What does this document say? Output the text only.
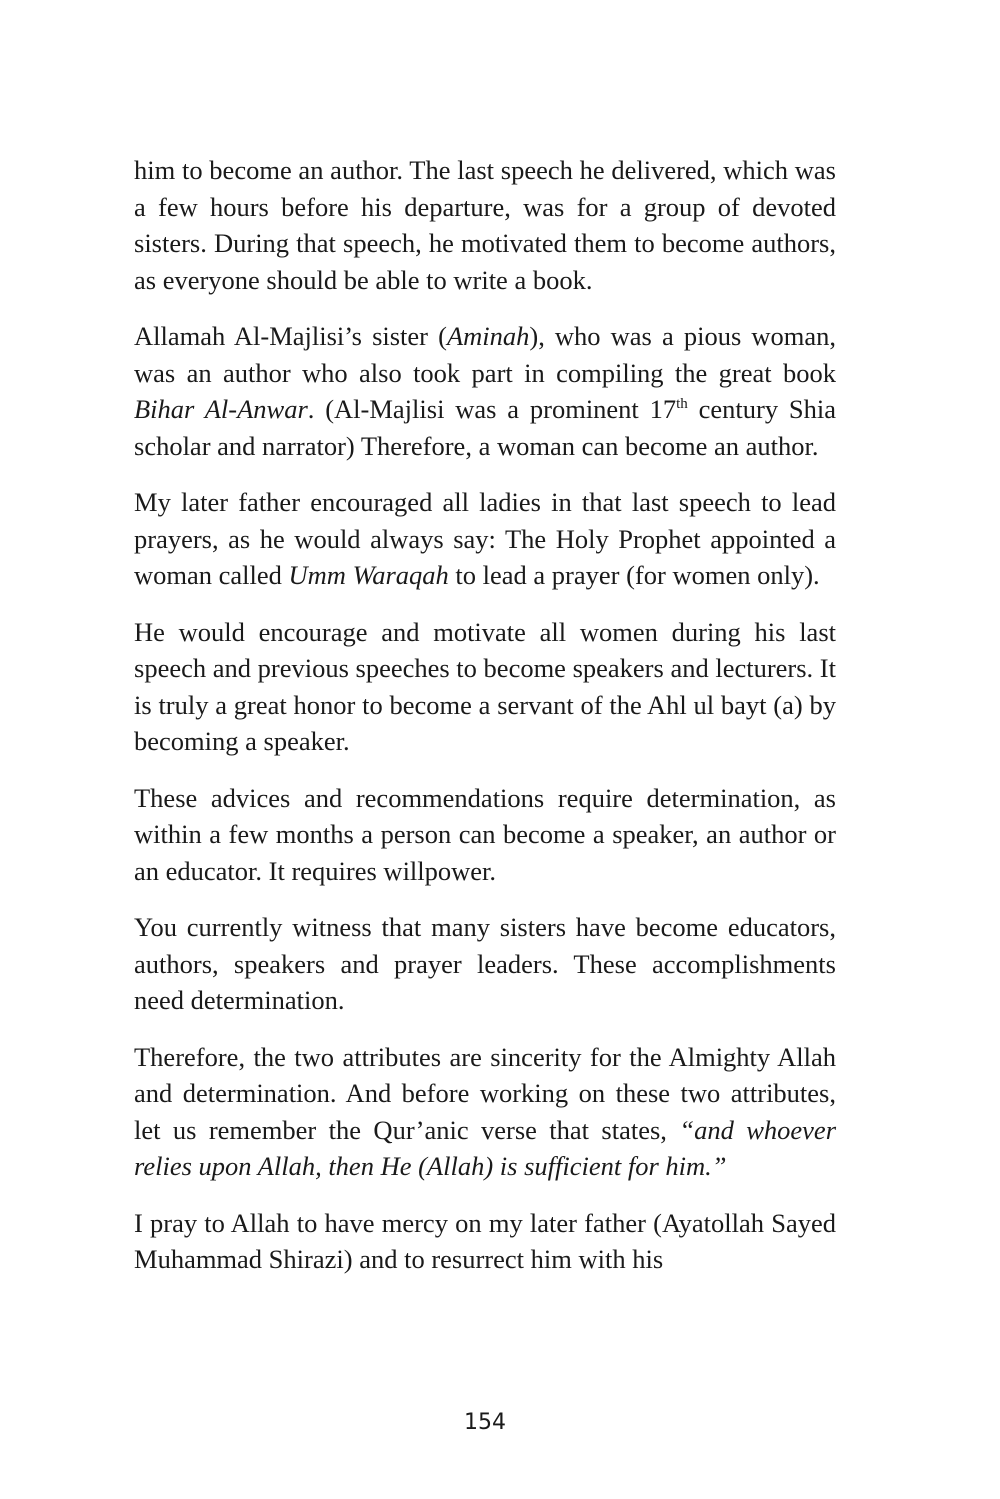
him to become an author. The last speech he delivered, which was a few hours before his departure, was for a group of devoted sisters. During that speech, he motivated them to become authors, as everyone should be able to write a book.

Allamah Al-Majlisi’s sister (Aminah), who was a pious woman, was an author who also took part in compiling the great book Bihar Al-Anwar. (Al-Majlisi was a prominent 17th century Shia scholar and narrator) Therefore, a woman can become an author.

My later father encouraged all ladies in that last speech to lead prayers, as he would always say: The Holy Prophet appointed a woman called Umm Waraqah to lead a prayer (for women only).

He would encourage and motivate all women during his last speech and previous speeches to become speakers and lecturers. It is truly a great honor to become a servant of the Ahl ul bayt (a) by becoming a speaker.

These advices and recommendations require determination, as within a few months a person can become a speaker, an author or an educator. It requires willpower.

You currently witness that many sisters have become educators, authors, speakers and prayer leaders. These accomplishments need determination.

Therefore, the two attributes are sincerity for the Almighty Allah and determination. And before working on these two attributes, let us remember the Qur’anic verse that states, “and whoever relies upon Allah, then He (Allah) is sufficient for him.”

I pray to Allah to have mercy on my later father (Ayatollah Sayed Muhammad Shirazi) and to resurrect him with his

154
